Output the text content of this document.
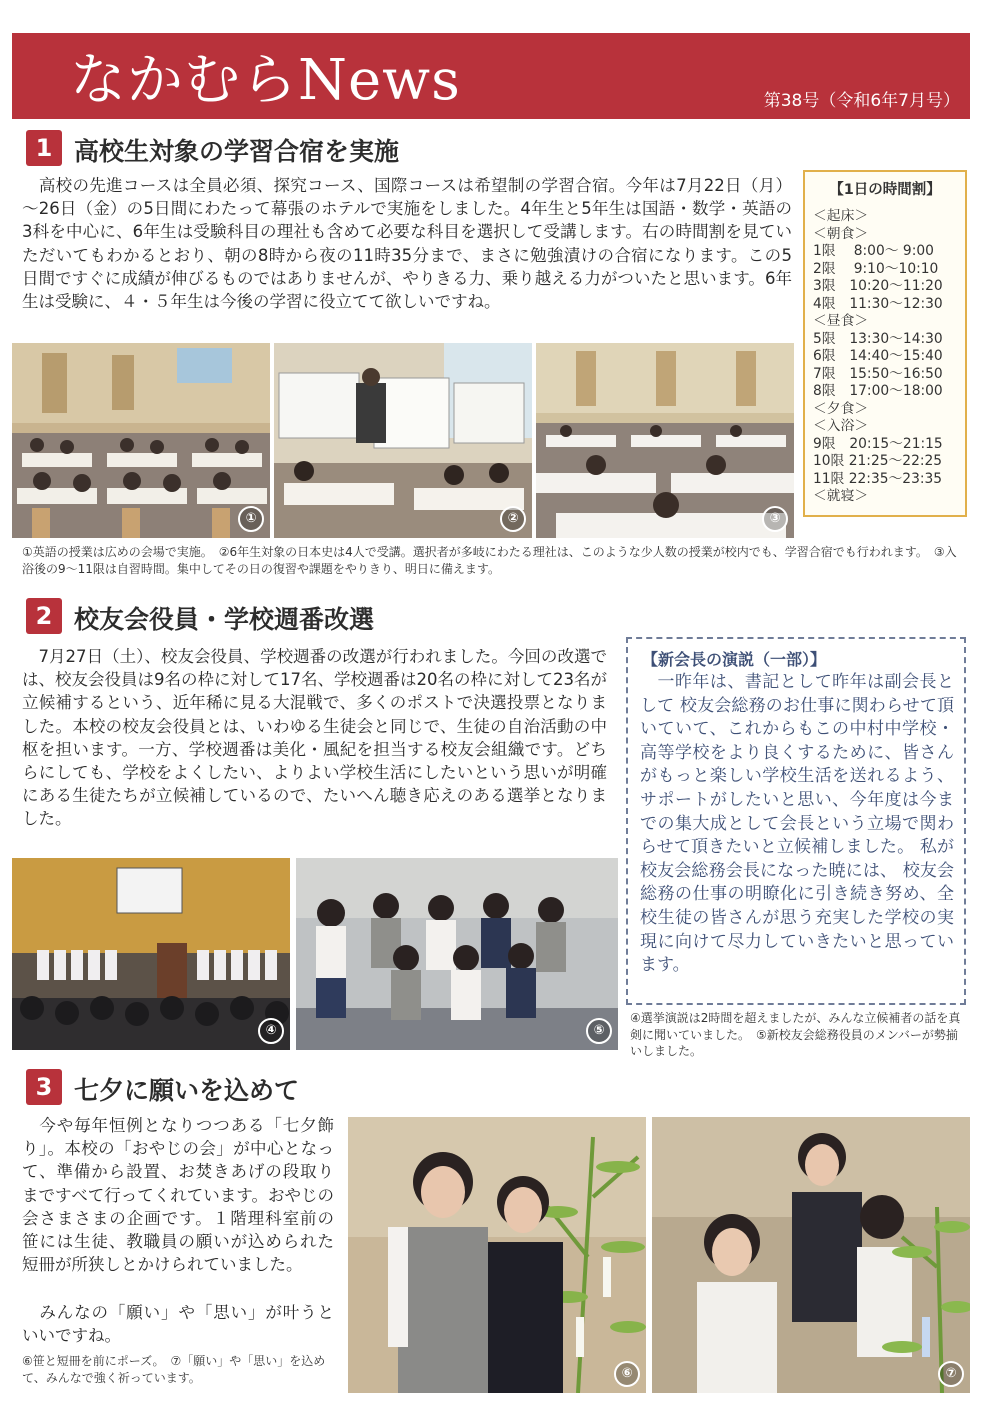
なかむらNews	第38号（令和6年7月号）
1 高校生対象の学習合宿を実施
　高校の先進コースは全員必須、探究コース、国際コースは希望制の学習合宿。今年は7月22日（月）～26日（金）の5日間にわたって幕張のホテルで実施をしました。4年生と5年生は国語・数学・英語の3科を中心に、6年生は受験科目の理社も含めて必要な科目を選択して受講します。右の時間割を見ていただいてもわかるとおり、朝の8時から夜の11時35分まで、まさに勉強漬けの合宿になります。この5日間ですぐに成績が伸びるものではありませんが、やりきる力、乗り越える力がついたと思います。6年生は受験に、４・５年生は今後の学習に役立てて欲しいですね。
【1日の時間割】
＜起床＞
＜朝食＞
1限　 8:00～ 9:00
2限　 9:10～10:10
3限　10:20～11:20
4限　11:30～12:30
＜昼食＞
5限　13:30～14:30
6限　14:40～15:40
7限　15:50～16:50
8限　17:00～18:00
＜夕食＞
＜入浴＞
9限　20:15～21:15
10限 21:25～22:25
11限 22:35～23:35
＜就寝＞
①	②	③
①英語の授業は広めの会場で実施。　②6年生対象の日本史は4人で受講。選択者が多岐にわたる理社は、このような少人数の授業が校内でも、学習合宿でも行われます。　③入浴後の9～11限は自習時間。集中してその日の復習や課題をやりきり、明日に備えます。
2 校友会役員・学校週番改選
　7月27日（土）、校友会役員、学校週番の改選が行われました。今回の改選では、校友会役員は9名の枠に対して17名、学校週番は20名の枠に対して23名が立候補するという、近年稀に見る大混戦で、多くのポストで決選投票となりました。本校の校友会役員とは、いわゆる生徒会と同じで、生徒の自治活動の中枢を担います。一方、学校週番は美化・風紀を担当する校友会組織です。どちらにしても、学校をよくしたい、よりよい学校生活にしたいという思いが明確にある生徒たちが立候補しているので、たいへん聴き応えのある選挙となりました。
【新会長の演説（一部）】
　一昨年は、書記として昨年は副会長として 校友会総務のお仕事に関わらせて頂いていて、これからもこの中村中学校・高等学校をより良くするために、皆さんがもっと楽しい学校生活を送れるよう、サポートがしたいと思い、今年度は今までの集大成として会長という立場で関わらせて頂きたいと立候補しました。 私が校友会総務会長になった暁には、 校友会総務の仕事の明瞭化に引き続き努め、全校生徒の皆さんが思う充実した学校の実現に向けて尽力していきたいと思っています。
④	⑤
④選挙演説は2時間を超えましたが、みんな立候補者の話を真剣に聞いていました。　⑤新校友会総務役員のメンバーが勢揃いしました。
3 七夕に願いを込めて
　今や毎年恒例となりつつある「七夕飾り」。本校の「おやじの会」が中心となって、準備から設置、お焚きあげの段取りまですべて行ってくれています。おやじの会さまさまの企画です。１階理科室前の笹には生徒、教職員の願いが込められた短冊が所狭しとかけられていました。
　みんなの「願い」や「思い」が叶うといいですね。
⑥笹と短冊を前にポーズ。　⑦「願い」や「思い」を込めて、みんなで強く祈っています。	⑥	⑦
